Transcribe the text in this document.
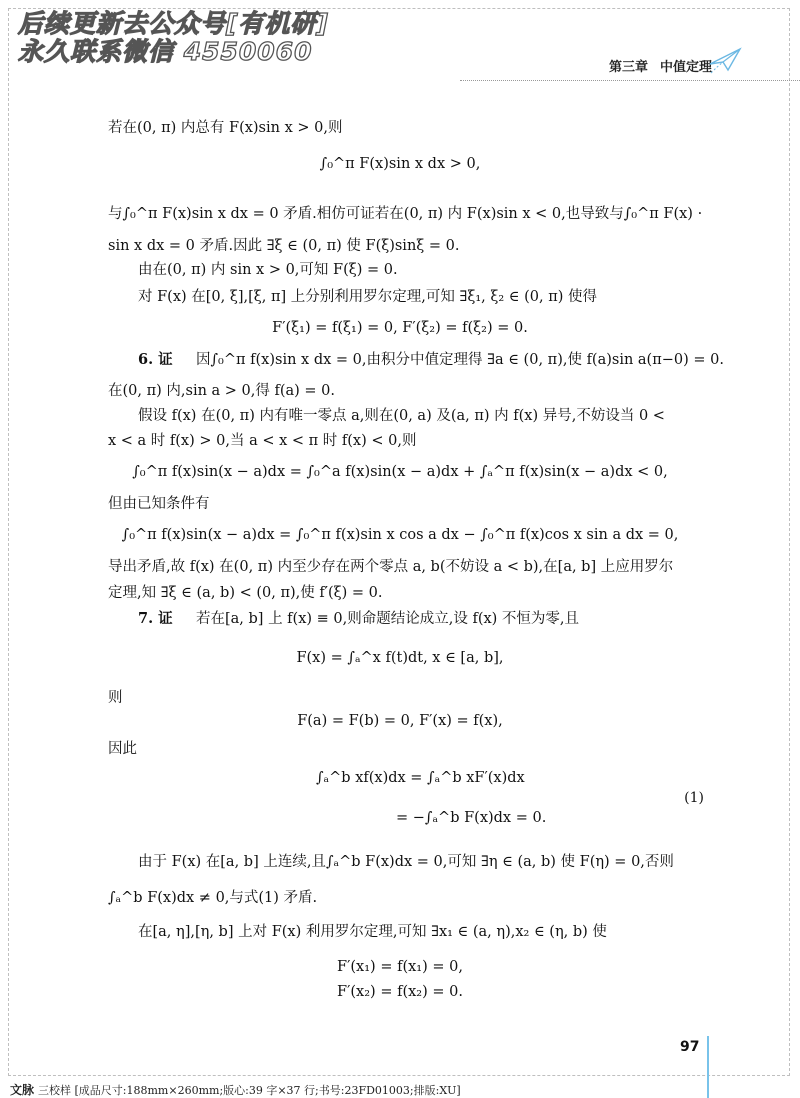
后续更新去公众号[有机研]
永久联系微信 4550060
第三章 中值定理
若在(0, π) 内总有 F(x)sin x > 0,则
∫₀^π F(x)sin x dx > 0,
与∫₀^π F(x)sin x dx = 0 矛盾.相仿可证若在(0, π) 内 F(x)sin x < 0,也导致与∫₀^π F(x) ·
sin x dx = 0 矛盾.因此 ∃ξ ∈ (0, π) 使 F(ξ)sinξ = 0.
由在(0, π) 内 sin x > 0,可知 F(ξ) = 0.
对 F(x) 在[0, ξ],[ξ, π] 上分别利用罗尔定理,可知 ∃ξ₁, ξ₂ ∈ (0, π) 使得
F′(ξ₁) = f(ξ₁) = 0, F′(ξ₂) = f(ξ₂) = 0.
6. 证 因∫₀^π f(x)sin x dx = 0,由积分中值定理得 ∃a ∈ (0, π),使 f(a)sin a(π−0) = 0.
在(0, π) 内,sin a > 0,得 f(a) = 0.
假设 f(x) 在(0, π) 内有唯一零点 a,则在(0, a) 及(a, π) 内 f(x) 异号,不妨设当 0 <
x < a 时 f(x) > 0,当 a < x < π 时 f(x) < 0,则
∫₀^π f(x)sin(x − a)dx = ∫₀^a f(x)sin(x − a)dx + ∫ₐ^π f(x)sin(x − a)dx < 0,
但由已知条件有
∫₀^π f(x)sin(x − a)dx = ∫₀^π f(x)sin x cos a dx − ∫₀^π f(x)cos x sin a dx = 0,
导出矛盾,故 f(x) 在(0, π) 内至少存在两个零点 a, b(不妨设 a < b),在[a, b] 上应用罗尔
定理,知 ∃ξ ∈ (a, b) < (0, π),使 f′(ξ) = 0.
7. 证 若在[a, b] 上 f(x) ≡ 0,则命题结论成立,设 f(x) 不恒为零,且
F(x) = ∫ₐ^x f(t)dt, x ∈ [a, b],
则
F(a) = F(b) = 0, F′(x) = f(x),
因此
∫ₐ^b xf(x)dx = ∫ₐ^b xF′(x)dx
= −∫ₐ^b F(x)dx = 0.
(1)
由于 F(x) 在[a, b] 上连续,且∫ₐ^b F(x)dx = 0,可知 ∃η ∈ (a, b) 使 F(η) = 0,否则
∫ₐ^b F(x)dx ≠ 0,与式(1) 矛盾.
在[a, η],[η, b] 上对 F(x) 利用罗尔定理,可知 ∃x₁ ∈ (a, η),x₂ ∈ (η, b) 使
F′(x₁) = f(x₁) = 0,
F′(x₂) = f(x₂) = 0.
97
文脉 三校样 [成品尺寸:188mm×260mm;版心:39 字×37 行;书号:23FD01003;排版:XU]
